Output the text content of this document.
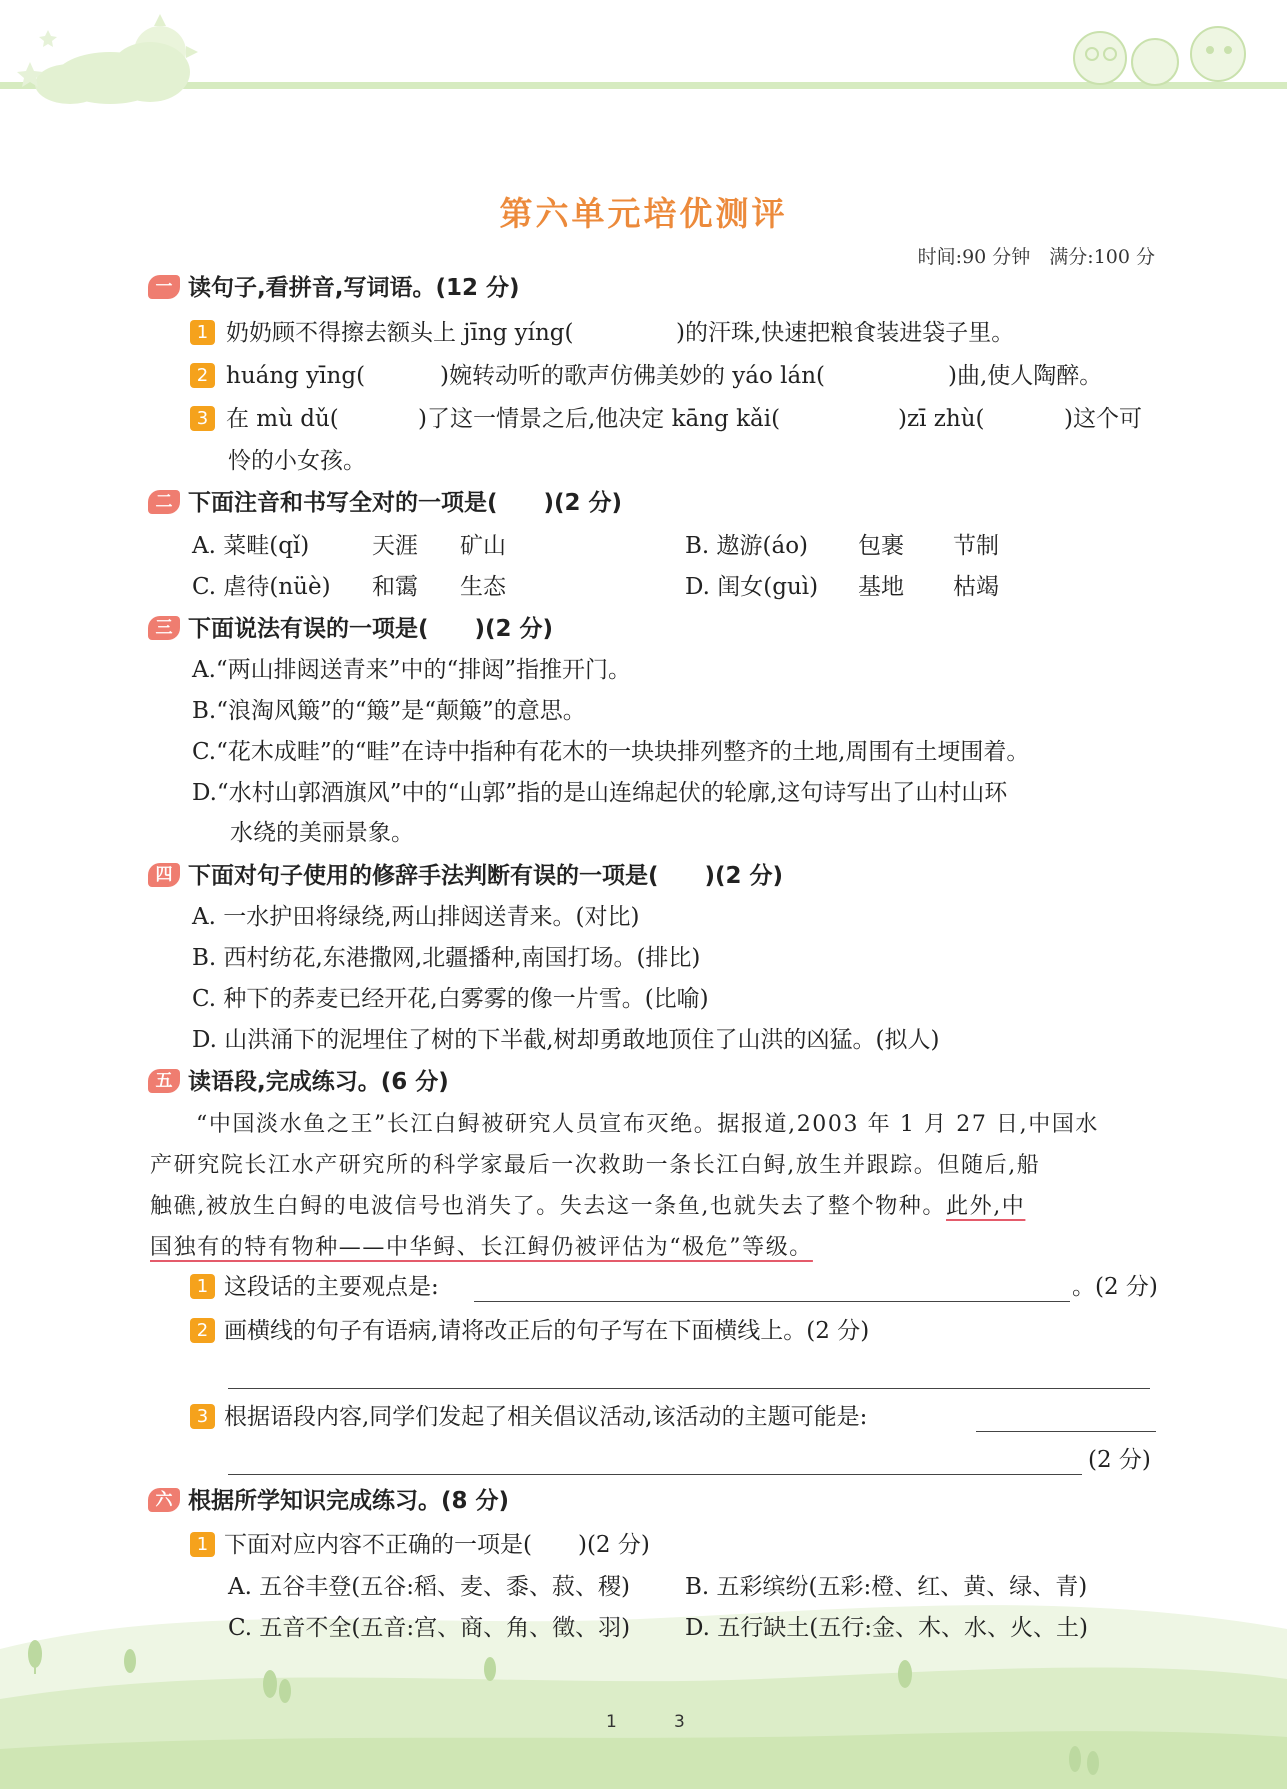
第六单元培优测评
时间:90 分钟　满分:100 分
一 读句子,看拼音,写词语。(12 分)
1 奶奶顾不得擦去额头上 jīng yíng(	)的汗珠,快速把粮食装进袋子里。
2 huáng yīng(	)婉转动听的歌声仿佛美妙的 yáo lán(	)曲,使人陶醉。
3 在 mù dǔ(	)了这一情景之后,他决定 kāng kǎi(	)zī zhù(	)这个可
怜的小女孩。
二 下面注音和书写全对的一项是(　　)(2 分)
A. 菜畦(qǐ)	天涯 矿山	B. 遨游(áo) 包裹 节制
C. 虐待(nüè) 和霭 生态	D. 闺女(guì) 基地 枯竭
三 下面说法有误的一项是(　　)(2 分)
A.“两山排闼送青来”中的“排闼”指推开门。
B.“浪淘风簸”的“簸”是“颠簸”的意思。
C.“花木成畦”的“畦”在诗中指种有花木的一块块排列整齐的土地,周围有土埂围着。
D.“水村山郭酒旗风”中的“山郭”指的是山连绵起伏的轮廓,这句诗写出了山村山环
水绕的美丽景象。
四 下面对句子使用的修辞手法判断有误的一项是(　　)(2 分)
A. 一水护田将绿绕,两山排闼送青来。(对比)
B. 西村纺花,东港撒网,北疆播种,南国打场。(排比)
C. 种下的荞麦已经开花,白雾雾的像一片雪。(比喻)
D. 山洪涌下的泥埋住了树的下半截,树却勇敢地顶住了山洪的凶猛。(拟人)
五 读语段,完成练习。(6 分)
“中国淡水鱼之王”长江白鲟被研究人员宣布灭绝。据报道,2003 年 1 月 27 日,中国水
产研究院长江水产研究所的科学家最后一次救助一条长江白鲟,放生并跟踪。但随后,船
触礁,被放生白鲟的电波信号也消失了。失去这一条鱼,也就失去了整个物种。此外,中
国独有的特有物种——中华鲟、长江鲟仍被评估为“极危”等级。
1 这段话的主要观点是:	。(2 分)
2 画横线的句子有语病,请将改正后的句子写在下面横线上。(2 分)
3 根据语段内容,同学们发起了相关倡议活动,该活动的主题可能是:
(2 分)
六 根据所学知识完成练习。(8 分)
1 下面对应内容不正确的一项是(　　)(2 分)
A. 五谷丰登(五谷:稻、麦、黍、菽、稷) B. 五彩缤纷(五彩:橙、红、黄、绿、青)
C. 五音不全(五音:宫、商、角、徵、羽) D. 五行缺土(五行:金、木、水、火、土)
1	3
